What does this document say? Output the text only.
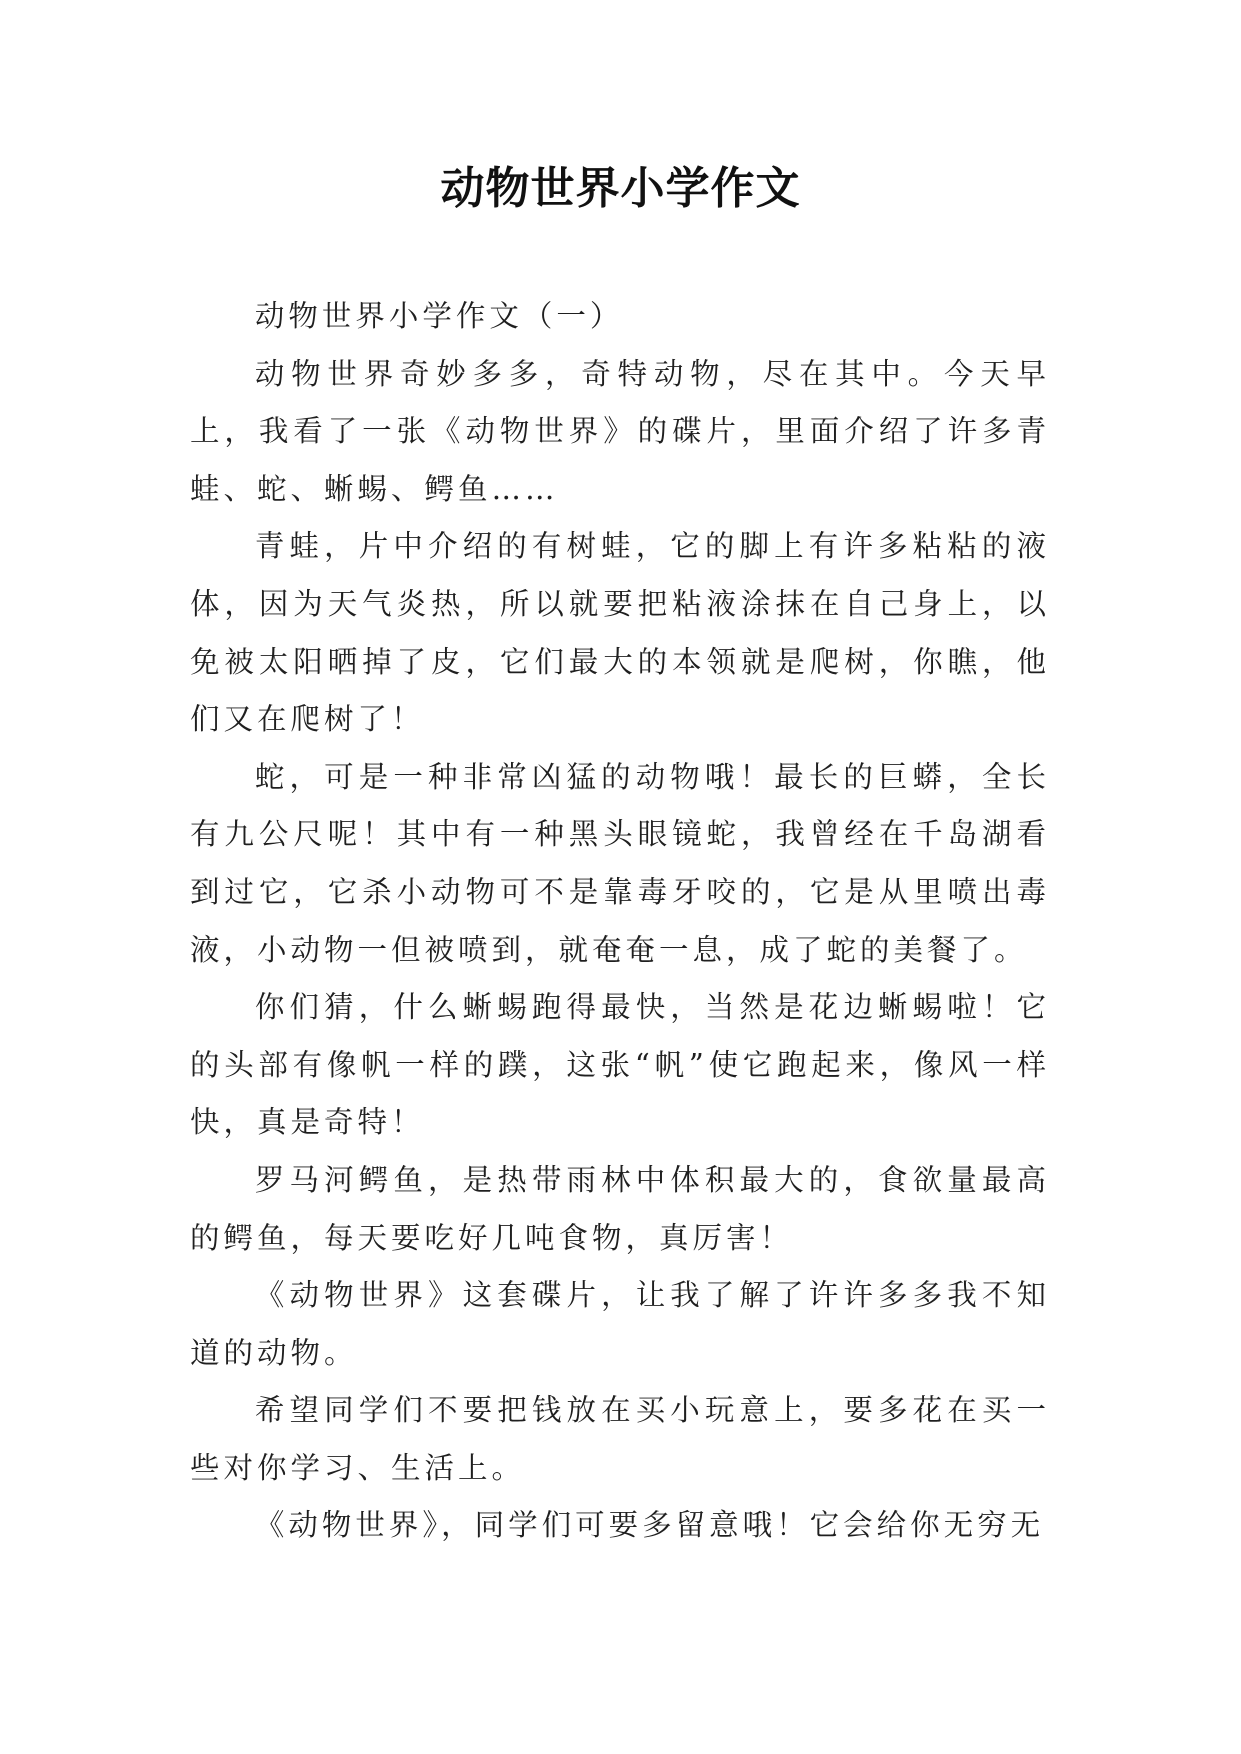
动物世界小学作文

动物世界小学作文（一）

动物世界奇妙多多，奇特动物，尽在其中。今天早上，我看了一张《动物世界》的碟片，里面介绍了许多青蛙、蛇、蜥蜴、鳄鱼……

青蛙，片中介绍的有树蛙，它的脚上有许多粘粘的液体，因为天气炎热，所以就要把粘液涂抹在自己身上，以免被太阳晒掉了皮，它们最大的本领就是爬树，你瞧，他们又在爬树了！

蛇，可是一种非常凶猛的动物哦！最长的巨蟒，全长有九公尺呢！其中有一种黑头眼镜蛇，我曾经在千岛湖看到过它，它杀小动物可不是靠毒牙咬的，它是从里喷出毒液，小动物一但被喷到，就奄奄一息，成了蛇的美餐了。

你们猜，什么蜥蜴跑得最快，当然是花边蜥蜴啦！它的头部有像帆一样的蹼，这张“帆”使它跑起来，像风一样快，真是奇特！

罗马河鳄鱼，是热带雨林中体积最大的，食欲量最高的鳄鱼，每天要吃好几吨食物，真厉害！

《动物世界》这套碟片，让我了解了许许多多我不知道的动物。

希望同学们不要把钱放在买小玩意上，要多花在买一些对你学习、生活上。

《动物世界》，同学们可要多留意哦！它会给你无穷无
